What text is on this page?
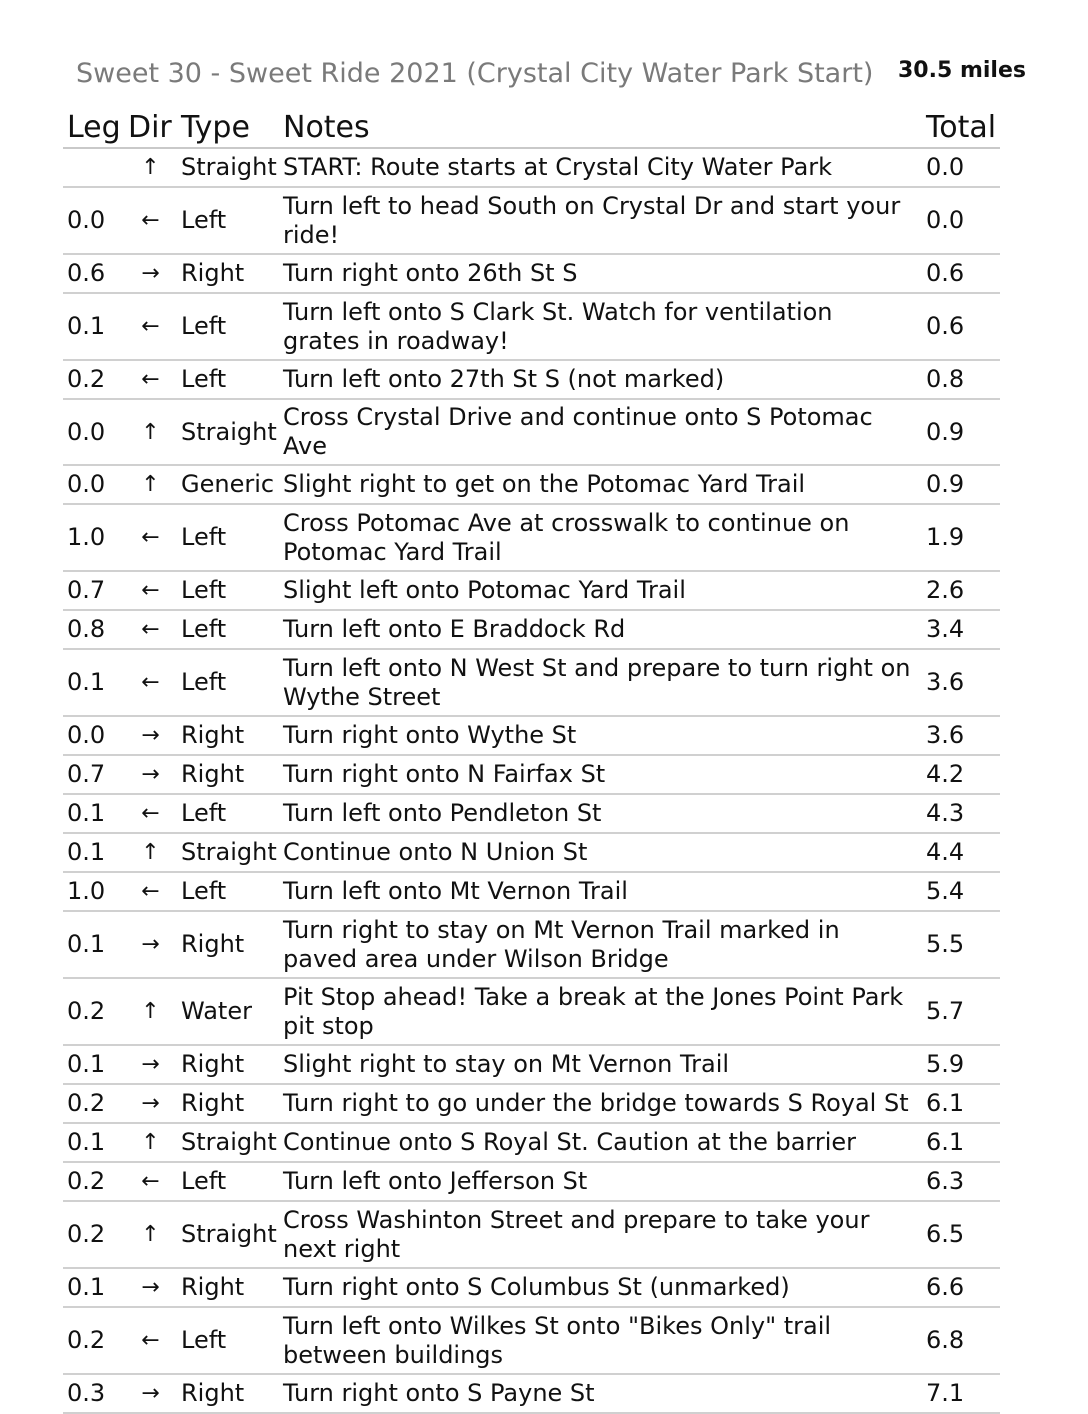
Sweet 30 - Sweet Ride 2021 (Crystal City Water Park Start) 30.5 miles
Leg	Dir	Type	Notes	Total
	↑	Straight	START: Route starts at Crystal City Water Park	0.0
0.0	←	Left	Turn left to head South on Crystal Dr and start your ride!	0.0
0.6	→	Right	Turn right onto 26th St S	0.6
0.1	←	Left	Turn left onto S Clark St. Watch for ventilation grates in roadway!	0.6
0.2	←	Left	Turn left onto 27th St S (not marked)	0.8
0.0	↑	Straight	Cross Crystal Drive and continue onto S Potomac Ave	0.9
0.0	↑	Generic	Slight right to get on the Potomac Yard Trail	0.9
1.0	←	Left	Cross Potomac Ave at crosswalk to continue on Potomac Yard Trail	1.9
0.7	←	Left	Slight left onto Potomac Yard Trail	2.6
0.8	←	Left	Turn left onto E Braddock Rd	3.4
0.1	←	Left	Turn left onto N West St and prepare to turn right on Wythe Street	3.6
0.0	→	Right	Turn right onto Wythe St	3.6
0.7	→	Right	Turn right onto N Fairfax St	4.2
0.1	←	Left	Turn left onto Pendleton St	4.3
0.1	↑	Straight	Continue onto N Union St	4.4
1.0	←	Left	Turn left onto Mt Vernon Trail	5.4
0.1	→	Right	Turn right to stay on Mt Vernon Trail marked in paved area under Wilson Bridge	5.5
0.2	↑	Water	Pit Stop ahead! Take a break at the Jones Point Park pit stop	5.7
0.1	→	Right	Slight right to stay on Mt Vernon Trail	5.9
0.2	→	Right	Turn right to go under the bridge towards S Royal St	6.1
0.1	↑	Straight	Continue onto S Royal St. Caution at the barrier	6.1
0.2	←	Left	Turn left onto Jefferson St	6.3
0.2	↑	Straight	Cross Washinton Street and prepare to take your next right	6.5
0.1	→	Right	Turn right onto S Columbus St (unmarked)	6.6
0.2	←	Left	Turn left onto Wilkes St onto "Bikes Only" trail between buildings	6.8
0.3	→	Right	Turn right onto S Payne St	7.1
